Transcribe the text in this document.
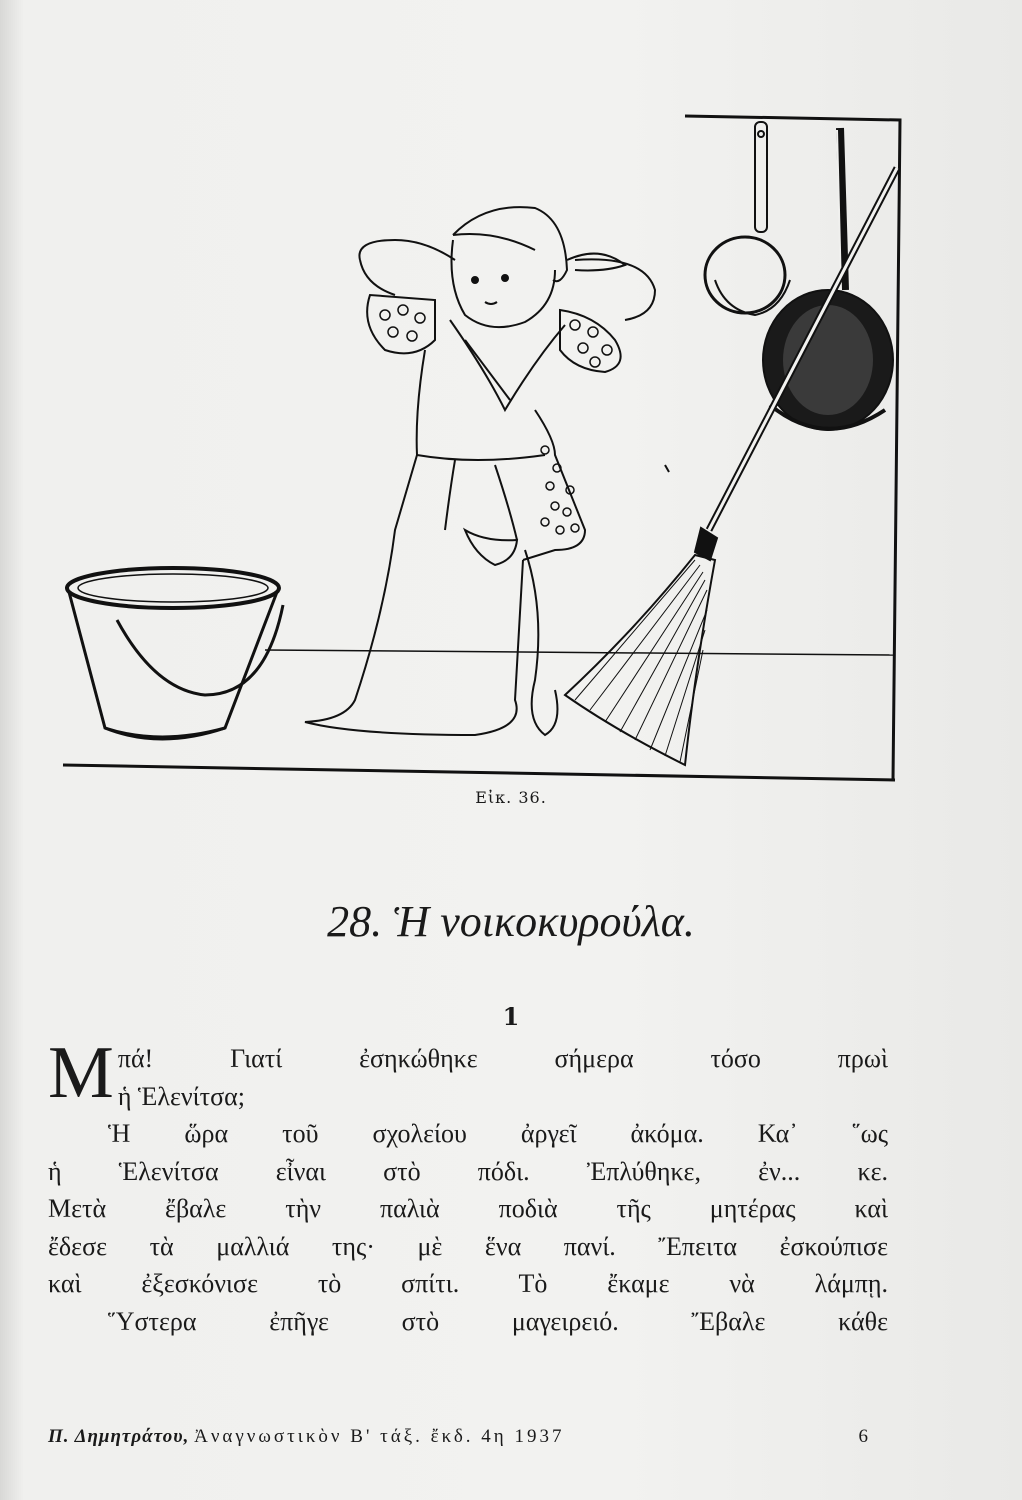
Εἰκ. 36.
28. Ἡ νοικοκυρούλα.
1
Μ πά! Γιατί ἐσηκώθηκε σήμερα τόσο πρωὶ
ἡ Ἑλενίτσα;
Ἡ ὥρα τοῦ σχολείου ἀργεῖ ἀκόμα. Κα᾽ ῞ως
ἡ Ἑλενίτσα εἶναι στὸ πόδι. Ἐπλύθηκε, ἐν... κε.
Μετὰ ἔβαλε τὴν παλιὰ ποδιὰ τῆς μητέρας καὶ
ἔδεσε τὰ μαλλιά της· μὲ ἕνα πανί. Ἔπειτα ἐσκούπισε
καὶ ἐξεσκόνισε τὸ σπίτι. Τὸ ἔκαμε νὰ λάμπῃ.
Ὕστερα ἐπῆγε στὸ μαγειρειό. Ἔβαλε κάθε
Π. Δημητράτου, Ἀναγνωστικὸν Β' τάξ. ἔκδ. 4η 1937	6
